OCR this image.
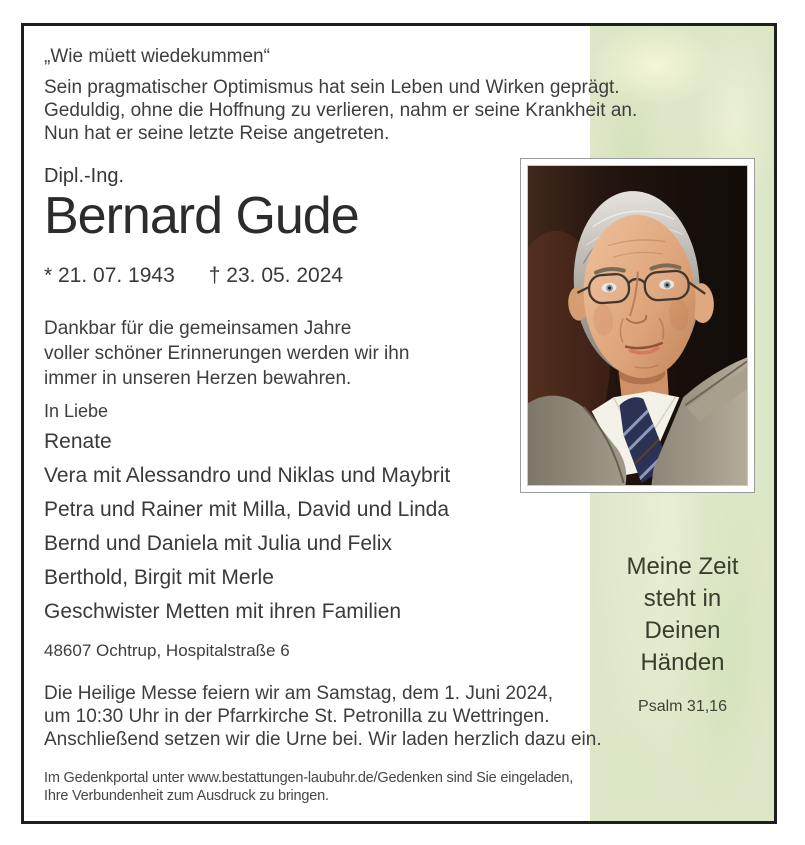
„Wie müett wiedekummen“
Sein pragmatischer Optimismus hat sein Leben und Wirken geprägt.
Geduldig, ohne die Hoffnung zu verlieren, nahm er seine Krankheit an.
Nun hat er seine letzte Reise angetreten.
Dipl.-Ing.
Bernard Gude
* 21. 07. 1943 † 23. 05. 2024
Dankbar für die gemeinsamen Jahre
voller schöner Erinnerungen werden wir ihn
immer in unseren Herzen bewahren.
In Liebe
Renate
Vera mit Alessandro und Niklas und Maybrit
Petra und Rainer mit Milla, David und Linda
Bernd und Daniela mit Julia und Felix
Berthold, Birgit mit Merle
Geschwister Metten mit ihren Familien
48607 Ochtrup, Hospitalstraße 6
Die Heilige Messe feiern wir am Samstag, dem 1. Juni 2024,
um 10:30 Uhr in der Pfarrkirche St. Petronilla zu Wettringen.
Anschließend setzen wir die Urne bei. Wir laden herzlich dazu ein.
Im Gedenkportal unter www.bestattungen-laubuhr.de/Gedenken sind Sie eingeladen,
Ihre Verbundenheit zum Ausdruck zu bringen.
Meine Zeit
steht in
Deinen
Händen
Psalm 31,16
